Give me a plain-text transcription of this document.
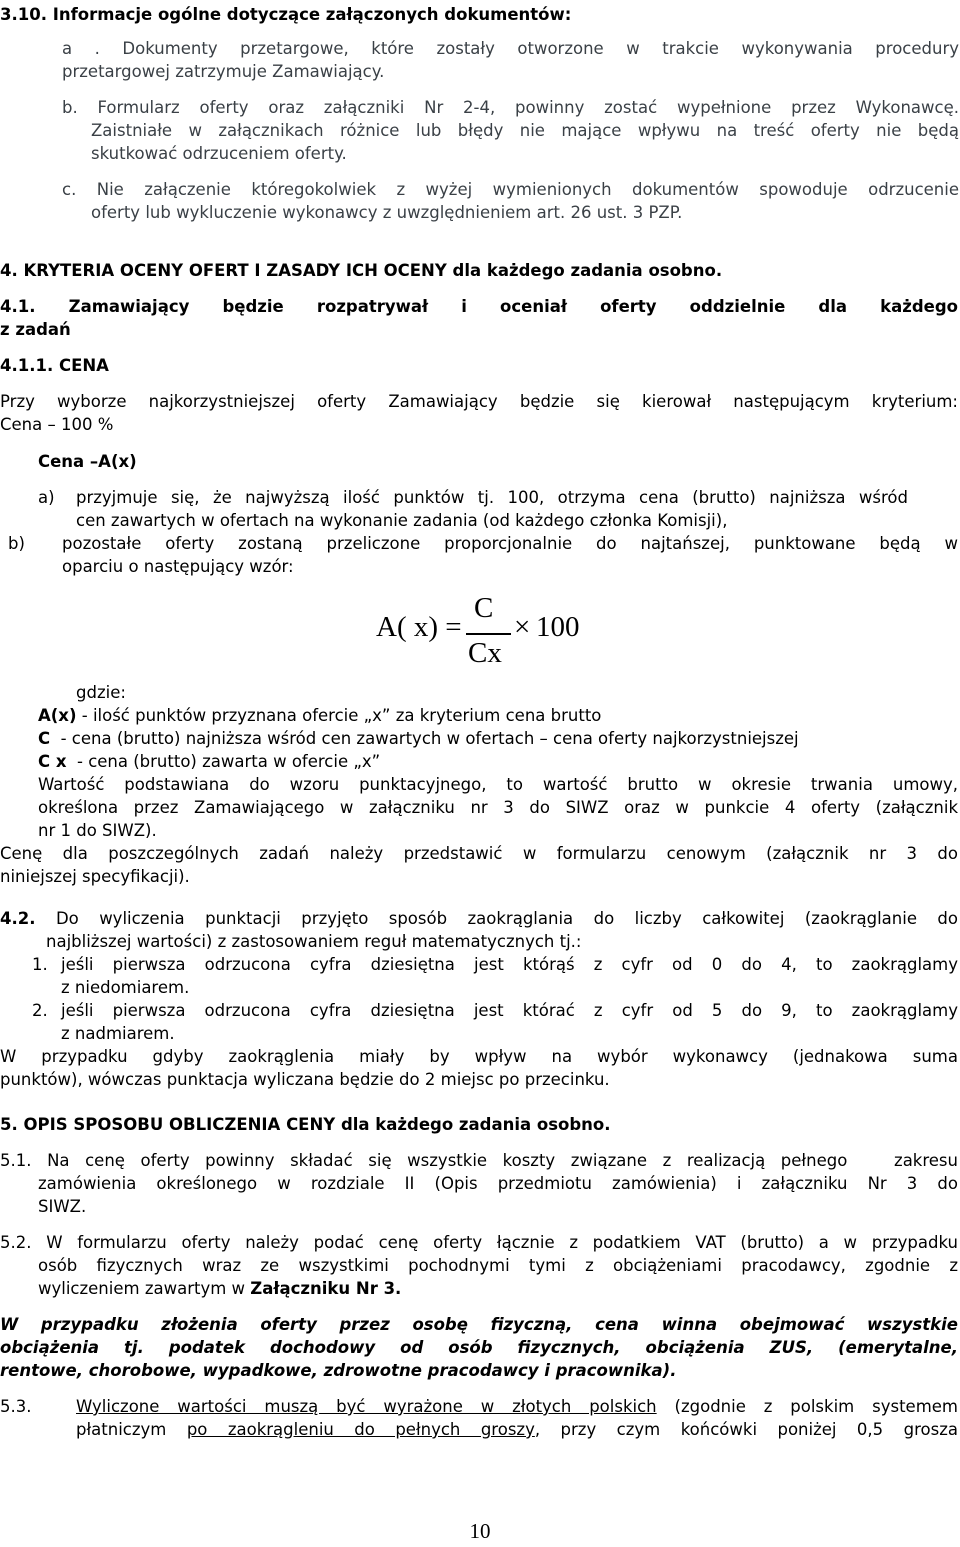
3.10. Informacje ogólne dotyczące załączonych dokumentów:
a . Dokumenty przetargowe, które zostały otworzone w trakcie wykonywania procedury
przetargowej zatrzymuje Zamawiający.
b. Formularz oferty oraz załączniki Nr 2-4, powinny zostać wypełnione przez Wykonawcę.
Zaistniałe w załącznikach różnice lub błędy nie mające wpływu na treść oferty nie będą
skutkować odrzuceniem oferty.
c. Nie załączenie któregokolwiek z wyżej wymienionych dokumentów spowoduje odrzucenie
oferty lub wykluczenie wykonawcy z uwzględnieniem art. 26 ust. 3 PZP.
4. KRYTERIA OCENY OFERT I ZASADY ICH OCENY dla każdego zadania osobno.
4.1. Zamawiający będzie rozpatrywał i oceniał oferty oddzielnie dla każdego
z zadań
4.1.1. CENA
Przy wyborze najkorzystniejszej oferty Zamawiający będzie się kierował następującym kryterium:
Cena – 100 %
Cena –A(x)
a) przyjmuje się, że najwyższą ilość punktów tj. 100, otrzyma cena (brutto) najniższa wśród
cen zawartych w ofertach na wykonanie zadania (od każdego członka Komisji),
b) pozostałe oferty zostaną przeliczone proporcjonalnie do najtańszej, punktowane będą w
oparciu o następujący wzór:
A( x) =
C
Cx
× 100
gdzie:
A(x) - ilość punktów przyznana ofercie „x” za kryterium cena brutto
C  - cena (brutto) najniższa wśród cen zawartych w ofertach – cena oferty najkorzystniejszej
C x  - cena (brutto) zawarta w ofercie „x”
Wartość podstawiana do wzoru punktacyjnego, to wartość brutto w okresie trwania umowy,
określona przez Zamawiającego w załączniku nr 3 do SIWZ oraz w punkcie 4 oferty (załącznik
nr 1 do SIWZ).
Cenę dla poszczególnych zadań należy przedstawić w formularzu cenowym (załącznik nr 3 do
niniejszej specyfikacji).
4.2. Do wyliczenia punktacji przyjęto sposób zaokrąglania do liczby całkowitej (zaokrąglanie do
najbliższej wartości) z zastosowaniem reguł matematycznych tj.:
1. jeśli pierwsza odrzucona cyfra dziesiętna jest którąś z cyfr od 0 do 4, to zaokrąglamy
z niedomiarem.
2. jeśli pierwsza odrzucona cyfra dziesiętna jest którać z cyfr od 5 do 9, to zaokrąglamy
z nadmiarem.
W przypadku gdyby zaokrąglenia miały by wpływ na wybór wykonawcy (jednakowa suma
punktów), wówczas punktacja wyliczana będzie do 2 miejsc po przecinku.
5. OPIS SPOSOBU OBLICZENIA CENY dla każdego zadania osobno.
5.1. Na cenę oferty powinny składać się wszystkie koszty związane z realizacją pełnego   zakresu
zamówienia określonego w rozdziale II (Opis przedmiotu zamówienia) i załączniku Nr 3 do
SIWZ.
5.2. W formularzu oferty należy podać cenę oferty łącznie z podatkiem VAT (brutto) a w przypadku
osób fizycznych wraz ze wszystkimi pochodnymi tymi z obciążeniami pracodawcy, zgodnie z
wyliczeniem zawartym w Załączniku Nr 3.
W przypadku złożenia oferty przez osobę fizyczną, cena winna obejmować wszystkie
obciążenia tj. podatek dochodowy od osób fizycznych, obciążenia ZUS, (emerytalne,
rentowe, chorobowe, wypadkowe, zdrowotne pracodawcy i pracownika).
5.3.	Wyliczone wartości muszą być wyrażone w złotych polskich (zgodnie z polskim systemem
płatniczym po zaokrągleniu do pełnych groszy, przy czym końcówki poniżej 0,5 grosza
10
